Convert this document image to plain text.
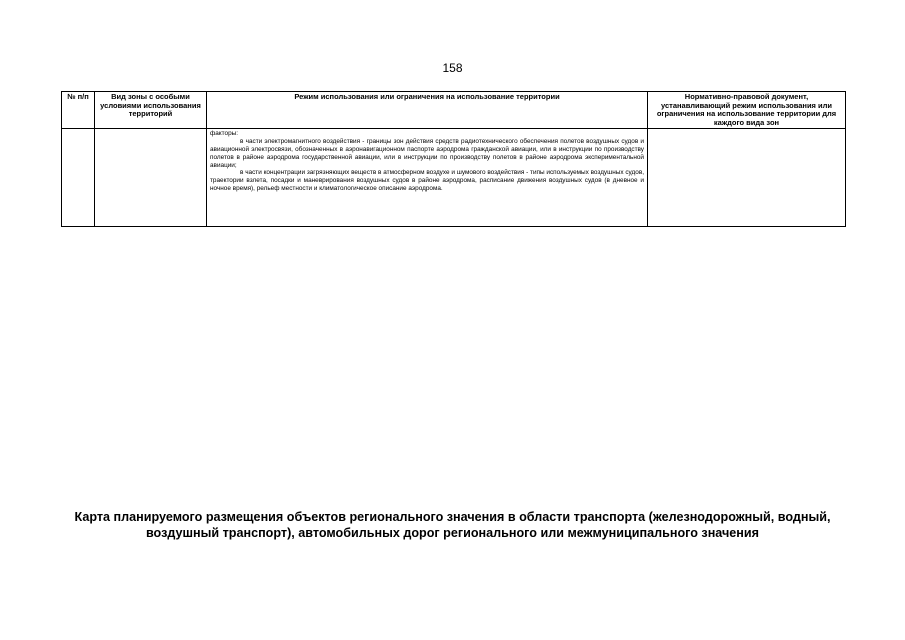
158
№ п/п	Вид зоны с особыми условиями использования территорий	Режим использования или ограничения на использование территории	Нормативно-правовой документ, устанавливающий режим использования или ограничения на использование территории для каждого вида зон

		факторы:

в части электромагнитного воздействия - границы зон действия средств радиотехнического обеспечения полетов воздушных судов и авиационной электросвязи, обозначенных в аэронавигационном паспорте аэродрома гражданской авиации, или в инструкции по производству полетов в районе аэродрома государственной авиации, или в инструкции по производству полетов в районе аэродрома экспериментальной авиации;

в части концентрации загрязняющих веществ в атмосферном воздухе и шумового воздействия - типы используемых воздушных судов, траектории взлета, посадки и маневрирования воздушных судов в районе аэродрома, расписание движения воздушных судов (в дневное и ночное время), рельеф местности и климатологическое описание аэродрома.	

Карта планируемого размещения объектов регионального значения в области транспорта (железнодорожный, водный, воздушный транспорт), автомобильных дорог регионального или межмуниципального значения
